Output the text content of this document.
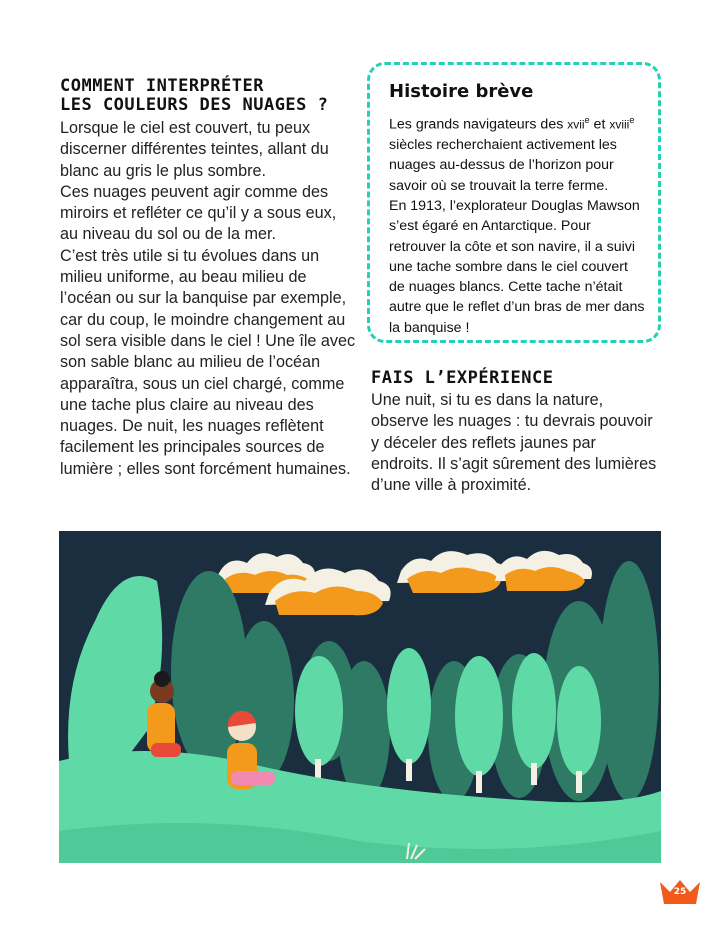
COMMENT INTERPRÉTER
LES COULEURS DES NUAGES ?

Lorsque le ciel est couvert, tu peux discerner différentes teintes, allant du blanc au gris le plus sombre.

Ces nuages peuvent agir comme des miroirs et refléter ce qu’il y a sous eux, au niveau du sol ou de la mer.

C’est très utile si tu évolues dans un milieu uniforme, au beau milieu de l’océan ou sur la banquise par exemple, car du coup, le moindre changement au sol sera visible dans le ciel ! Une île avec son sable blanc au milieu de l’océan apparaîtra, sous un ciel chargé, comme une tache plus claire au niveau des nuages. De nuit, les nuages reflètent facilement les principales sources de lumière ; elles sont forcément humaines.

Histoire brève

Les grands navigateurs des xvii$^e$ et xviii$^e$ siècles recherchaient activement les nuages au-dessus de l’horizon pour savoir où se trouvait la terre ferme.
En 1913, l’explorateur Douglas Mawson s’est égaré en Antarctique. Pour retrouver la côte et son navire, il a suivi une tache sombre dans le ciel couvert de nuages blancs. Cette tache n’était autre que le reflet d’un bras de mer dans la banquise !

FAIS L’EXPÉRIENCE

Une nuit, si tu es dans la nature, observe les nuages : tu devrais pouvoir y déceler des reflets jaunes par endroits. Il s’agit sûrement des lumières d’une ville à proximité.

25
